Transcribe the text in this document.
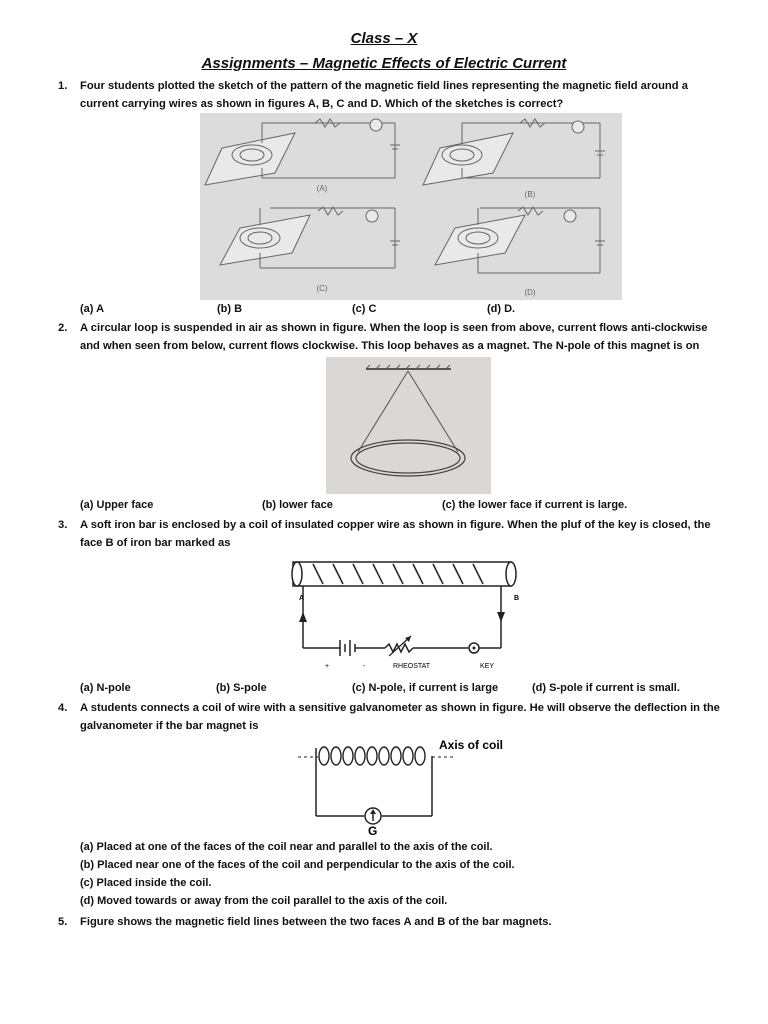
Class – X
Assignments – Magnetic Effects of Electric Current
1. Four students plotted the sketch of the pattern of the magnetic field lines representing the magnetic field around a current carrying wires as shown in figures A, B, C and D. Which of the sketches is correct?
(A)
(B)
(C)	(D)
(a) A	(b) B	(c) C	(d) D.
2. A circular loop is suspended in air as shown in figure. When the loop is seen from above, current flows anti-clockwise and when seen from below, current flows clockwise. This loop behaves as a magnet. The N-pole of this magnet is on
(a) Upper face	(b) lower face	(c) the lower face if current is large.
3. A soft iron bar is enclosed by a coil of insulated copper wire as shown in figure. When the pluf of the key is closed, the face B of iron bar marked as
A	B
+	-	RHEOSTAT	KEY
(a) N-pole	(b) S-pole	(c) N-pole, if current is large	(d) S-pole if current is small.
4. A students connects a coil of wire with a sensitive galvanometer as shown in figure. He will observe the deflection in the galvanometer if the bar magnet is
Axis of coil
G
(a) Placed at one of the faces of the coil near and parallel to the axis of the coil.
(b) Placed near one of the faces of the coil and perpendicular to the axis of the coil.
(c) Placed inside the coil.
(d) Moved towards or away from the coil parallel to the axis of the coil.
5. Figure shows the magnetic field lines between the two faces A and B of the bar magnets.
